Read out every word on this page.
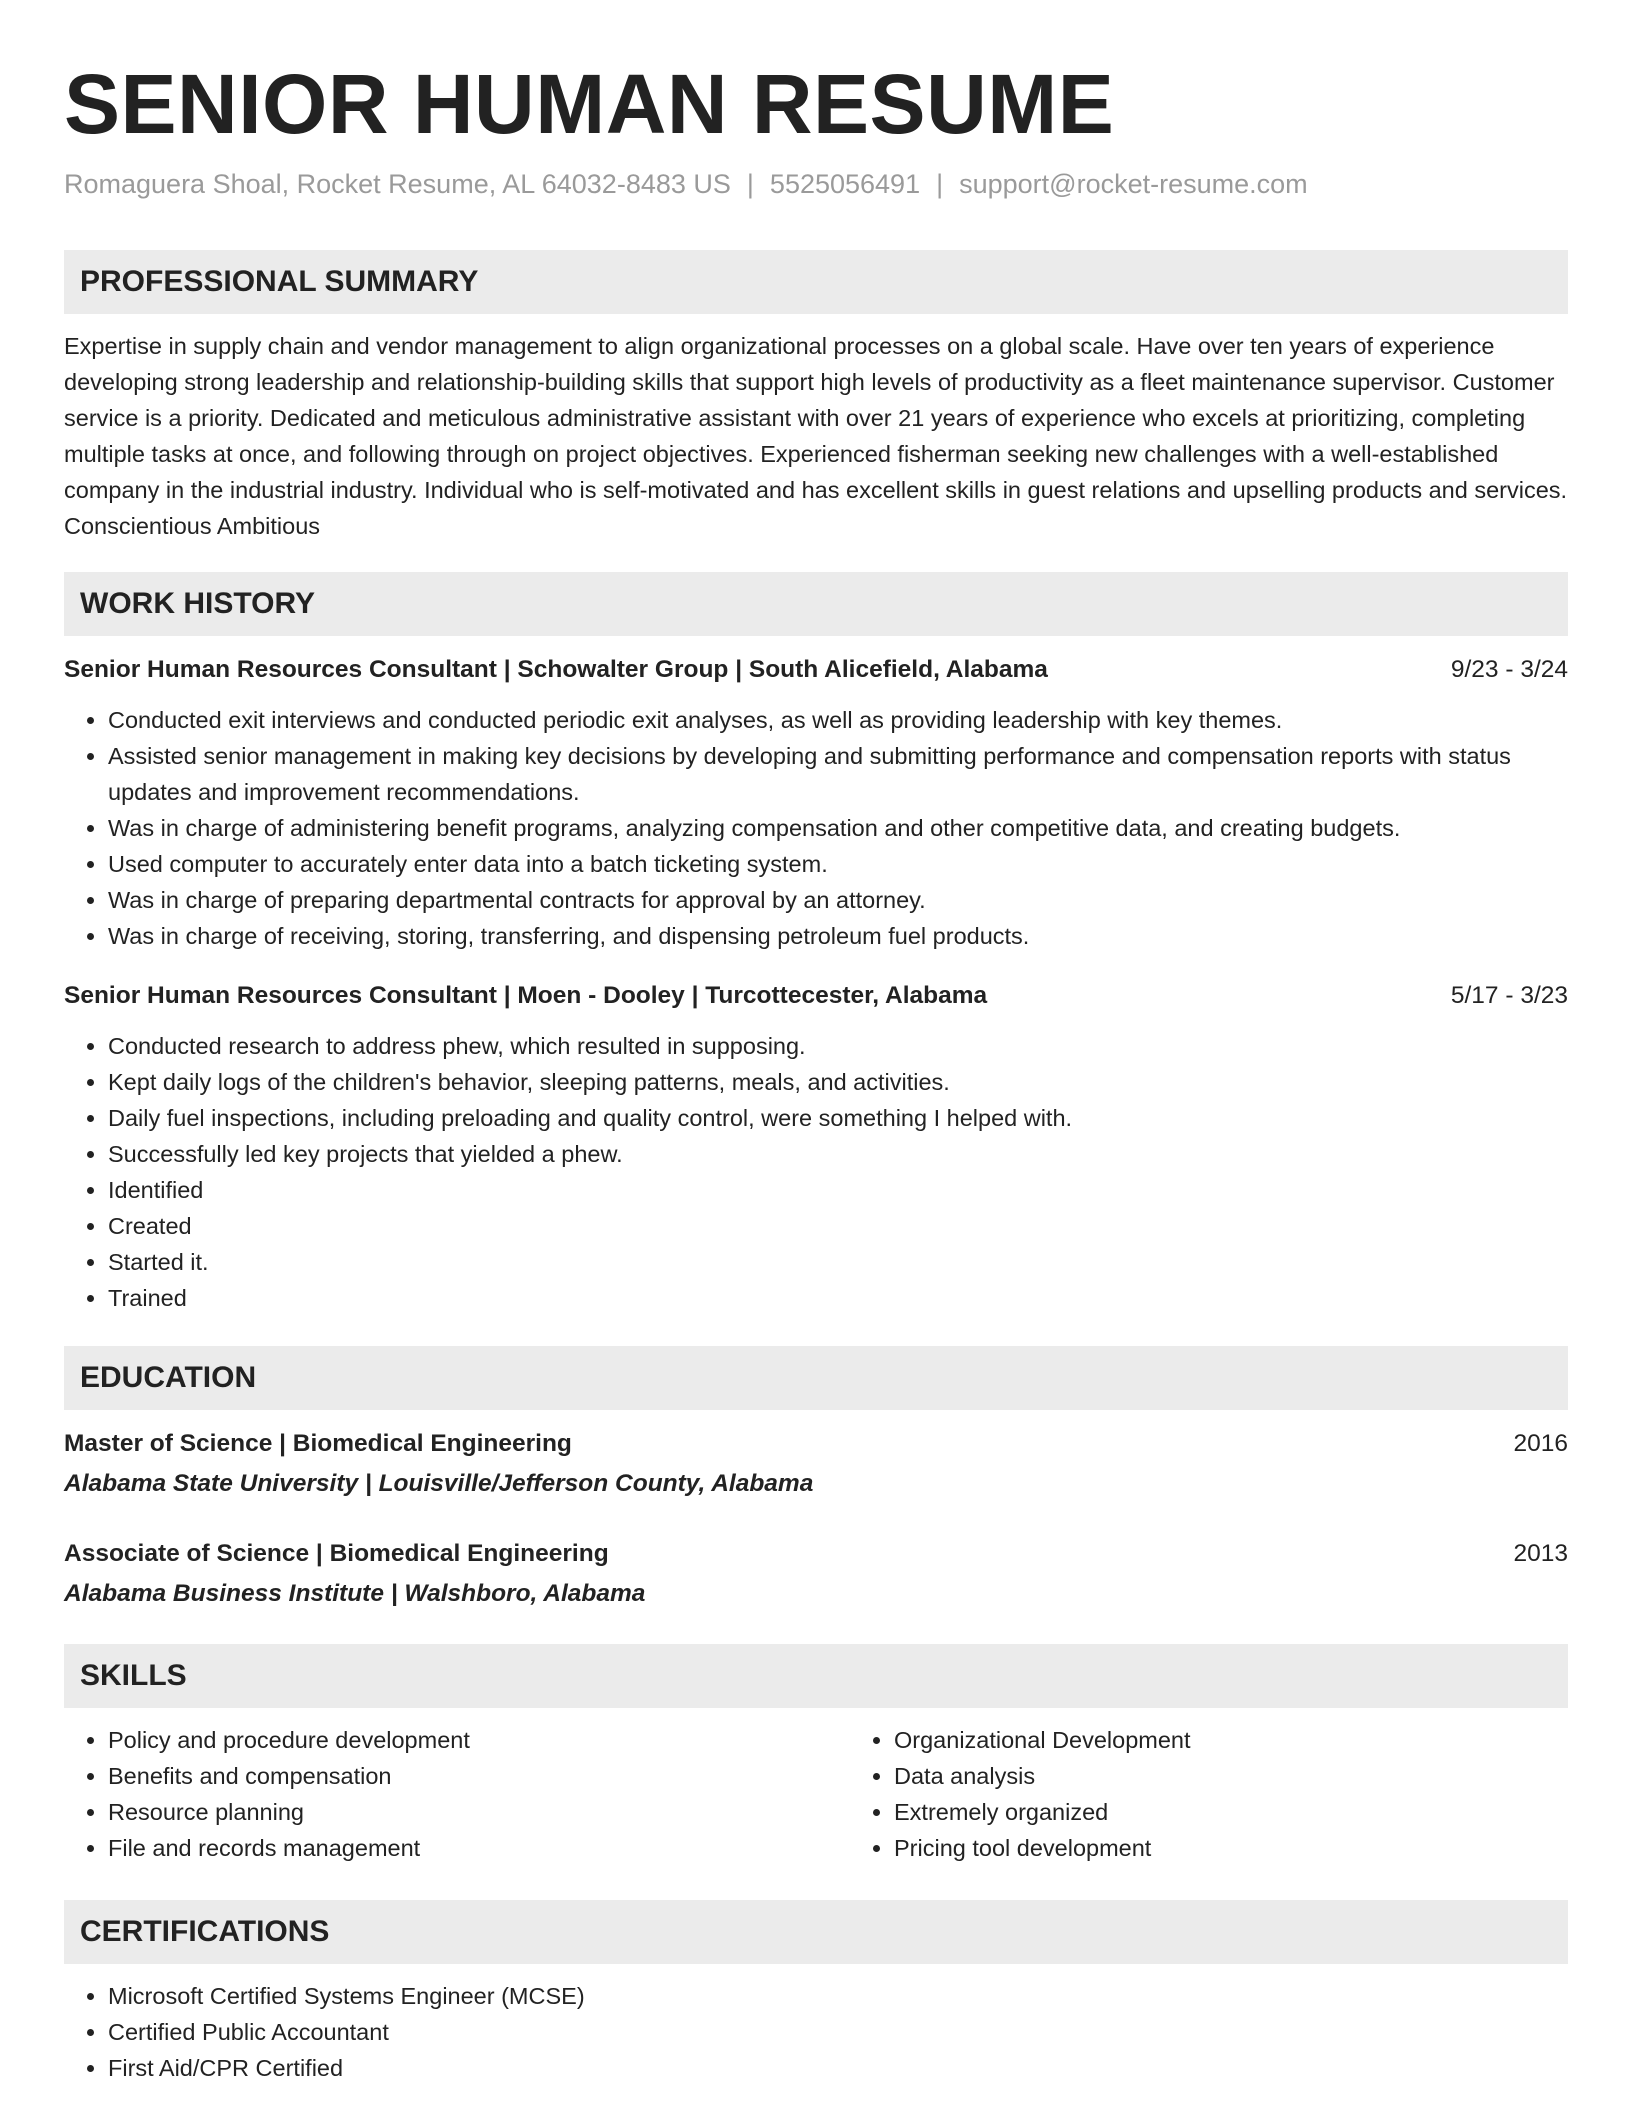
SENIOR HUMAN RESUME
Romaguera Shoal, Rocket Resume, AL 64032-8483 US | 5525056491 | support@rocket-resume.com
PROFESSIONAL SUMMARY

Expertise in supply chain and vendor management to align organizational processes on a global scale. Have over ten years of experience developing strong leadership and relationship-building skills that support high levels of productivity as a fleet maintenance supervisor. Customer service is a priority. Dedicated and meticulous administrative assistant with over 21 years of experience who excels at prioritizing, completing multiple tasks at once, and following through on project objectives. Experienced fisherman seeking new challenges with a well-established company in the industrial industry. Individual who is self-motivated and has excellent skills in guest relations and upselling products and services. Conscientious Ambitious

WORK HISTORY
Senior Human Resources Consultant | Schowalter Group | South Alicefield, Alabama	9/23 - 3/24
• Conducted exit interviews and conducted periodic exit analyses, as well as providing leadership with key themes.
• Assisted senior management in making key decisions by developing and submitting performance and compensation reports with status updates and improvement recommendations.
• Was in charge of administering benefit programs, analyzing compensation and other competitive data, and creating budgets.
• Used computer to accurately enter data into a batch ticketing system.
• Was in charge of preparing departmental contracts for approval by an attorney.
• Was in charge of receiving, storing, transferring, and dispensing petroleum fuel products.
Senior Human Resources Consultant | Moen - Dooley | Turcottecester, Alabama	5/17 - 3/23
• Conducted research to address phew, which resulted in supposing.
• Kept daily logs of the children's behavior, sleeping patterns, meals, and activities.
• Daily fuel inspections, including preloading and quality control, were something I helped with.
• Successfully led key projects that yielded a phew.
• Identified
• Created
• Started it.
• Trained
EDUCATION
Master of Science | Biomedical Engineering	2016
Alabama State University | Louisville/Jefferson County, Alabama
Associate of Science | Biomedical Engineering	2013
Alabama Business Institute | Walshboro, Alabama
SKILLS
• Policy and procedure development
• Benefits and compensation
• Resource planning
• File and records management
• Organizational Development
• Data analysis
• Extremely organized
• Pricing tool development
CERTIFICATIONS
• Microsoft Certified Systems Engineer (MCSE)
• Certified Public Accountant
• First Aid/CPR Certified
